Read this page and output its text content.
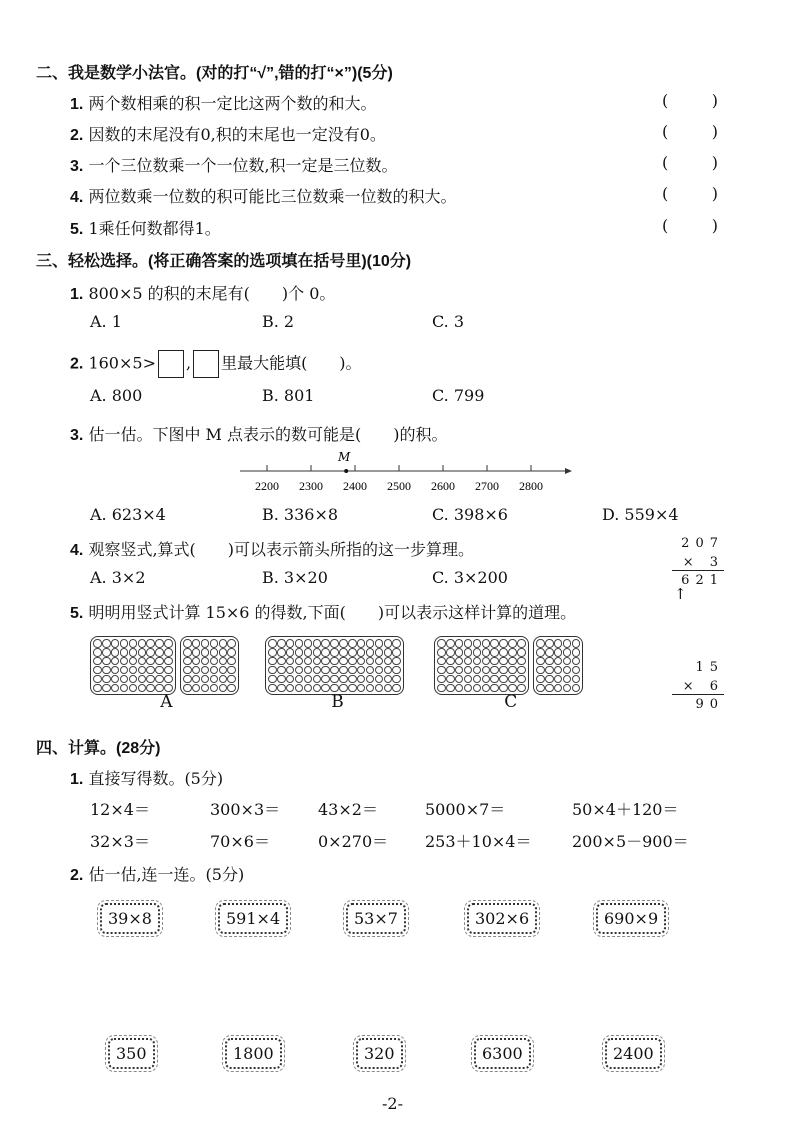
二、我是数学小法官。(对的打“√”,错的打“×”)(5分)
1. 两个数相乘的积一定比这两个数的和大。	(	)
2. 因数的末尾没有0,积的末尾也一定没有0。	(	)
3. 一个三位数乘一个一位数,积一定是三位数。	(	)
4. 两位数乘一位数的积可能比三位数乘一位数的积大。	(	)
5. 1乘任何数都得1。	(	)
三、轻松选择。(将正确答案的选项填在括号里)(10分)
1. 800×5 的积的末尾有(　　)个 0。
A. 1	B. 2	C. 3
2. 160×5> , 里最大能填(　　)。
A. 800	B. 801	C. 799
3. 估一估。下图中 M 点表示的数可能是(　　)的积。
2200 2300 2400 2500 2600 2700 2800
M
A. 623×4	B. 336×8	C. 398×6	D. 559×4
4. 观察竖式,算式(　　)可以表示箭头所指的这一步算理。
A. 3×2	B. 3×20	C. 3×200
207
× 3
621
↑
5. 明明用竖式计算 15×6 的得数,下面(　　)可以表示这样计算的道理。
A	B	C
15
× 6
90
四、计算。(28分)
1. 直接写得数。(5分)
12×4＝	300×3＝ 43×2＝	5000×7＝	50×4＋120＝
32×3＝	70×6＝	0×270＝ 253＋10×4＝	200×5－900＝
2. 估一估,连一连。(5分)
39×8	591×4	53×7	302×6	690×9
350	1800	320	6300	2400
-2-
